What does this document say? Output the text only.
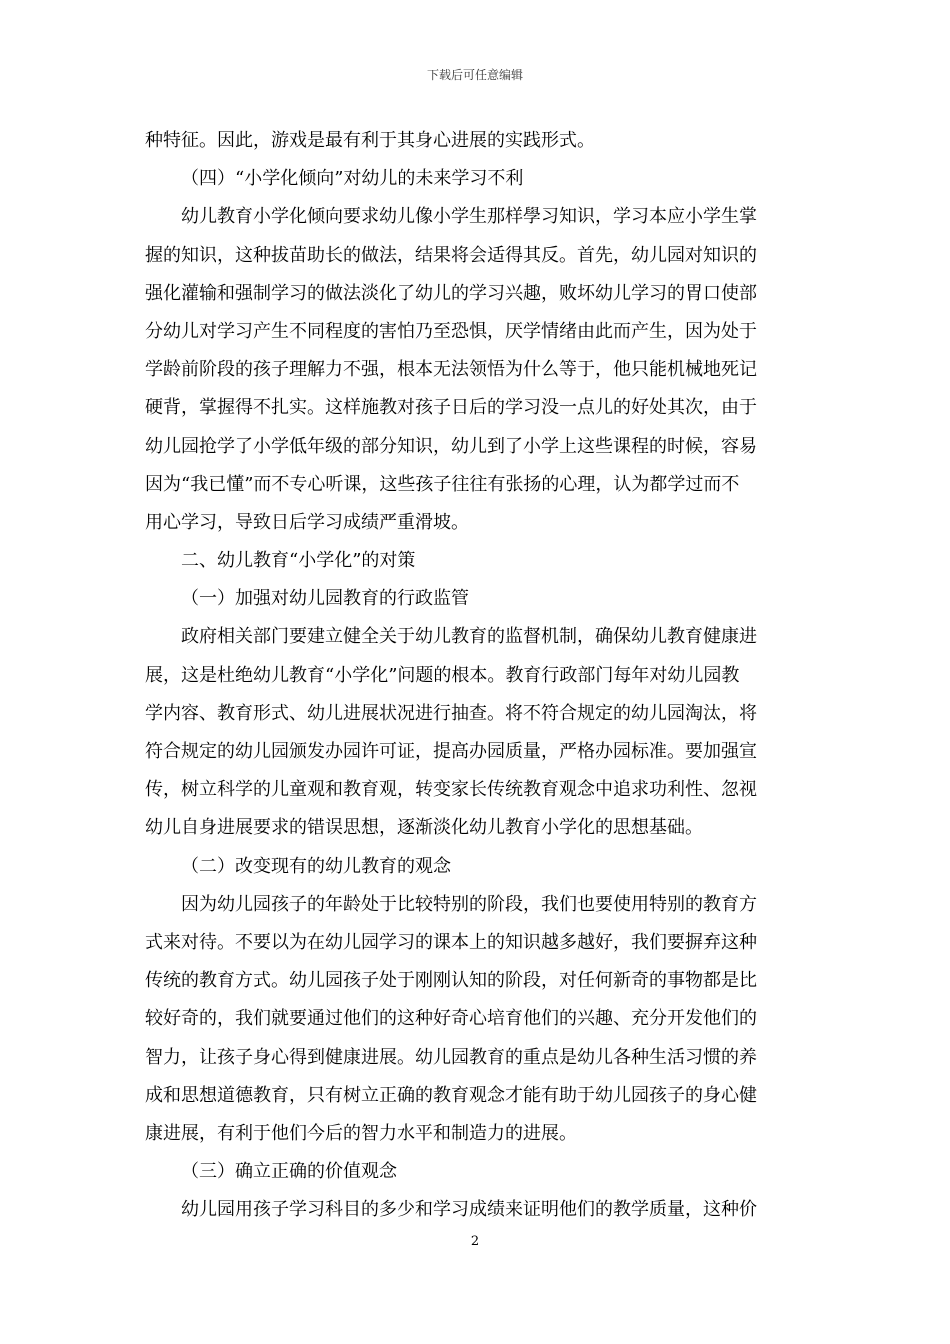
下载后可任意编辑
种特征。因此，游戏是最有利于其身心进展的实践形式。
（四）“小学化倾向”对幼儿的未来学习不利
幼儿教育小学化倾向要求幼儿像小学生那样學习知识，学习本应小学生掌
握的知识，这种拔苗助长的做法，结果将会适得其反。首先，幼儿园对知识的
强化灌输和强制学习的做法淡化了幼儿的学习兴趣，败坏幼儿学习的胃口使部
分幼儿对学习产生不同程度的害怕乃至恐惧，厌学情绪由此而产生，因为处于
学龄前阶段的孩子理解力不强，根本无法领悟为什么等于，他只能机械地死记
硬背，掌握得不扎实。这样施教对孩子日后的学习没一点儿的好处其次，由于
幼儿园抢学了小学低年级的部分知识，幼儿到了小学上这些课程的时候，容易
因为“我已懂”而不专心听课，这些孩子往往有张扬的心理，认为都学过而不
用心学习，导致日后学习成绩严重滑坡。
二、幼儿教育“小学化”的对策
（一）加强对幼儿园教育的行政监管
政府相关部门要建立健全关于幼儿教育的监督机制，确保幼儿教育健康进
展，这是杜绝幼儿教育“小学化”问题的根本。教育行政部门每年对幼儿园教
学内容、教育形式、幼儿进展状况进行抽查。将不符合规定的幼儿园淘汰，将
符合规定的幼儿园颁发办园许可证，提高办园质量，严格办园标准。要加强宣
传，树立科学的儿童观和教育观，转变家长传统教育观念中追求功利性、忽视
幼儿自身进展要求的错误思想，逐渐淡化幼儿教育小学化的思想基础。
（二）改变现有的幼儿教育的观念
因为幼儿园孩子的年龄处于比较特别的阶段，我们也要使用特别的教育方
式来对待。不要以为在幼儿园学习的课本上的知识越多越好，我们要摒弃这种
传统的教育方式。幼儿园孩子处于刚刚认知的阶段，对任何新奇的事物都是比
较好奇的，我们就要通过他们的这种好奇心培育他们的兴趣、充分开发他们的
智力，让孩子身心得到健康进展。幼儿园教育的重点是幼儿各种生活习惯的养
成和思想道德教育，只有树立正确的教育观念才能有助于幼儿园孩子的身心健
康进展，有利于他们今后的智力水平和制造力的进展。
（三）确立正确的价值观念
幼儿园用孩子学习科目的多少和学习成绩来证明他们的教学质量，这种价
2
